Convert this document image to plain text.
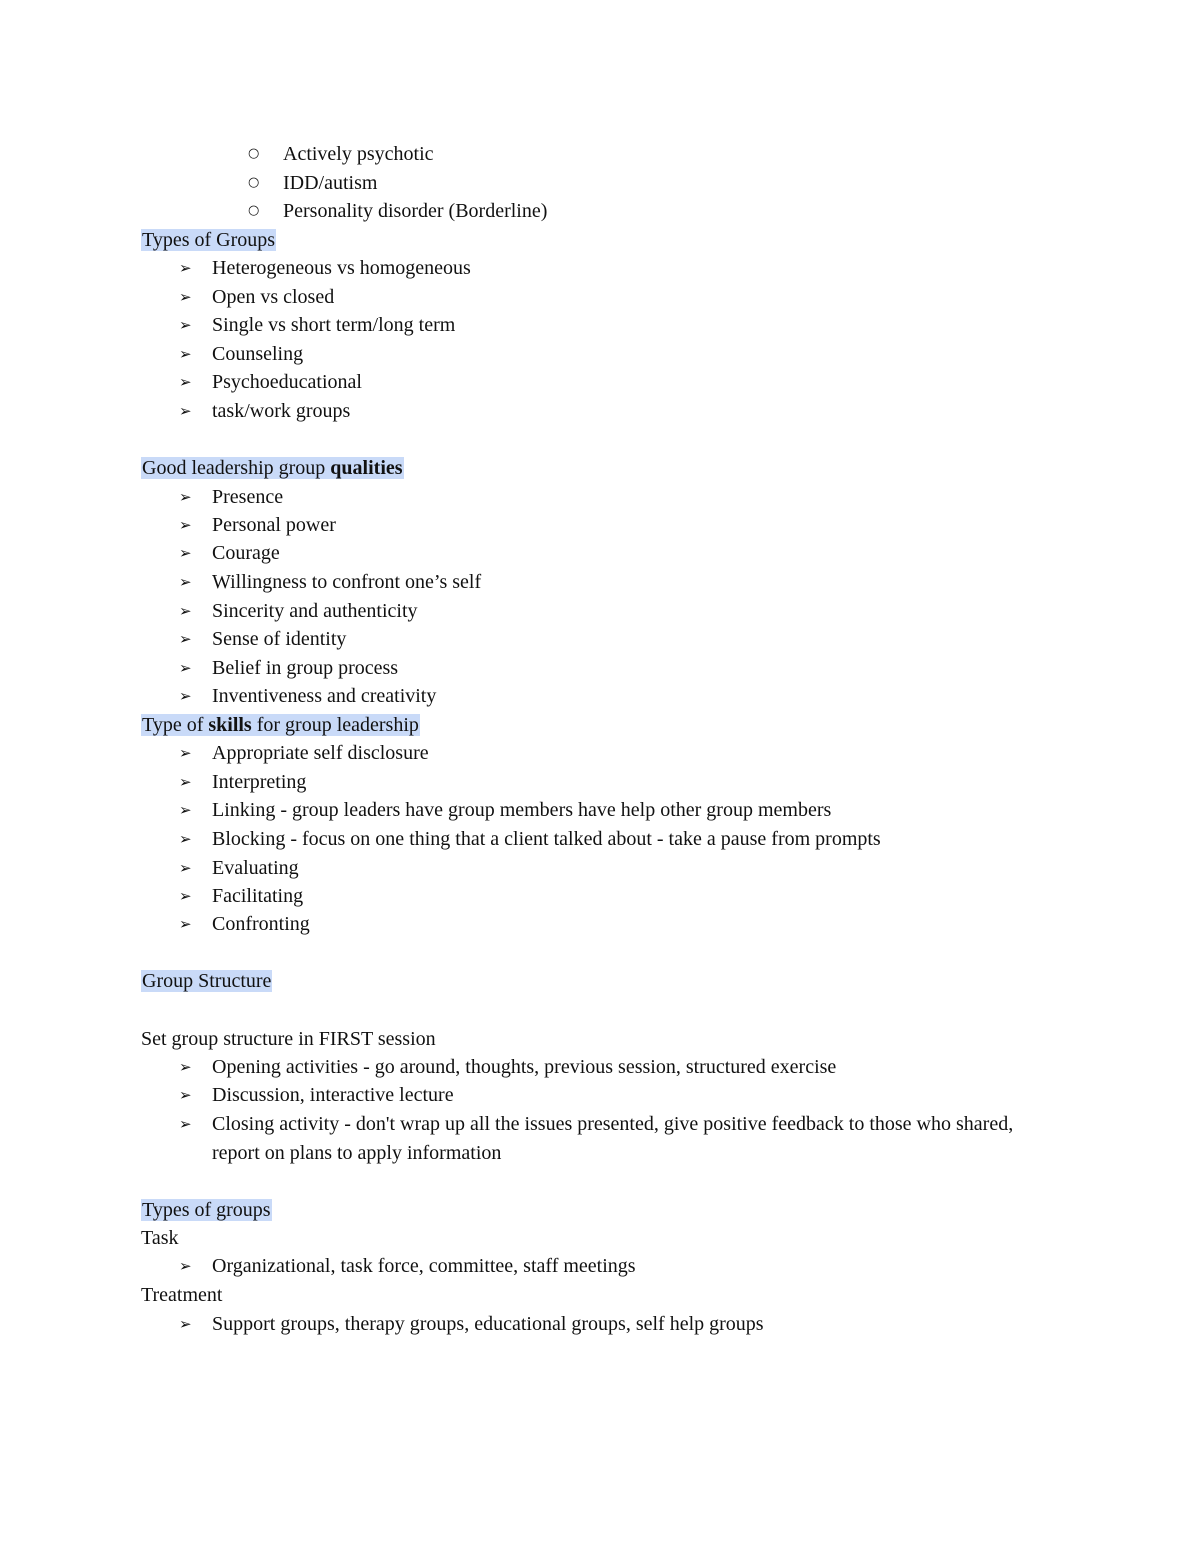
○ Actively psychotic
○ IDD/autism
○ Personality disorder (Borderline)
Types of Groups
➢ Heterogeneous vs homogeneous
➢ Open vs closed
➢ Single vs short term/long term
➢ Counseling
➢ Psychoeducational
➢ task/work groups
Good leadership group qualities
➢ Presence
➢ Personal power
➢ Courage
➢ Willingness to confront one’s self
➢ Sincerity and authenticity
➢ Sense of identity
➢ Belief in group process
➢ Inventiveness and creativity
Type of skills for group leadership
➢ Appropriate self disclosure
➢ Interpreting
➢ Linking - group leaders have group members have help other group members
➢ Blocking - focus on one thing that a client talked about - take a pause from prompts
➢ Evaluating
➢ Facilitating
➢ Confronting
Group Structure
Set group structure in FIRST session
➢ Opening activities - go around, thoughts, previous session, structured exercise
➢ Discussion, interactive lecture
➢ Closing activity - don't wrap up all the issues presented, give positive feedback to those who shared, report on plans to apply information
Types of groups
Task
➢ Organizational, task force, committee, staff meetings
Treatment
➢ Support groups, therapy groups, educational groups, self help groups
